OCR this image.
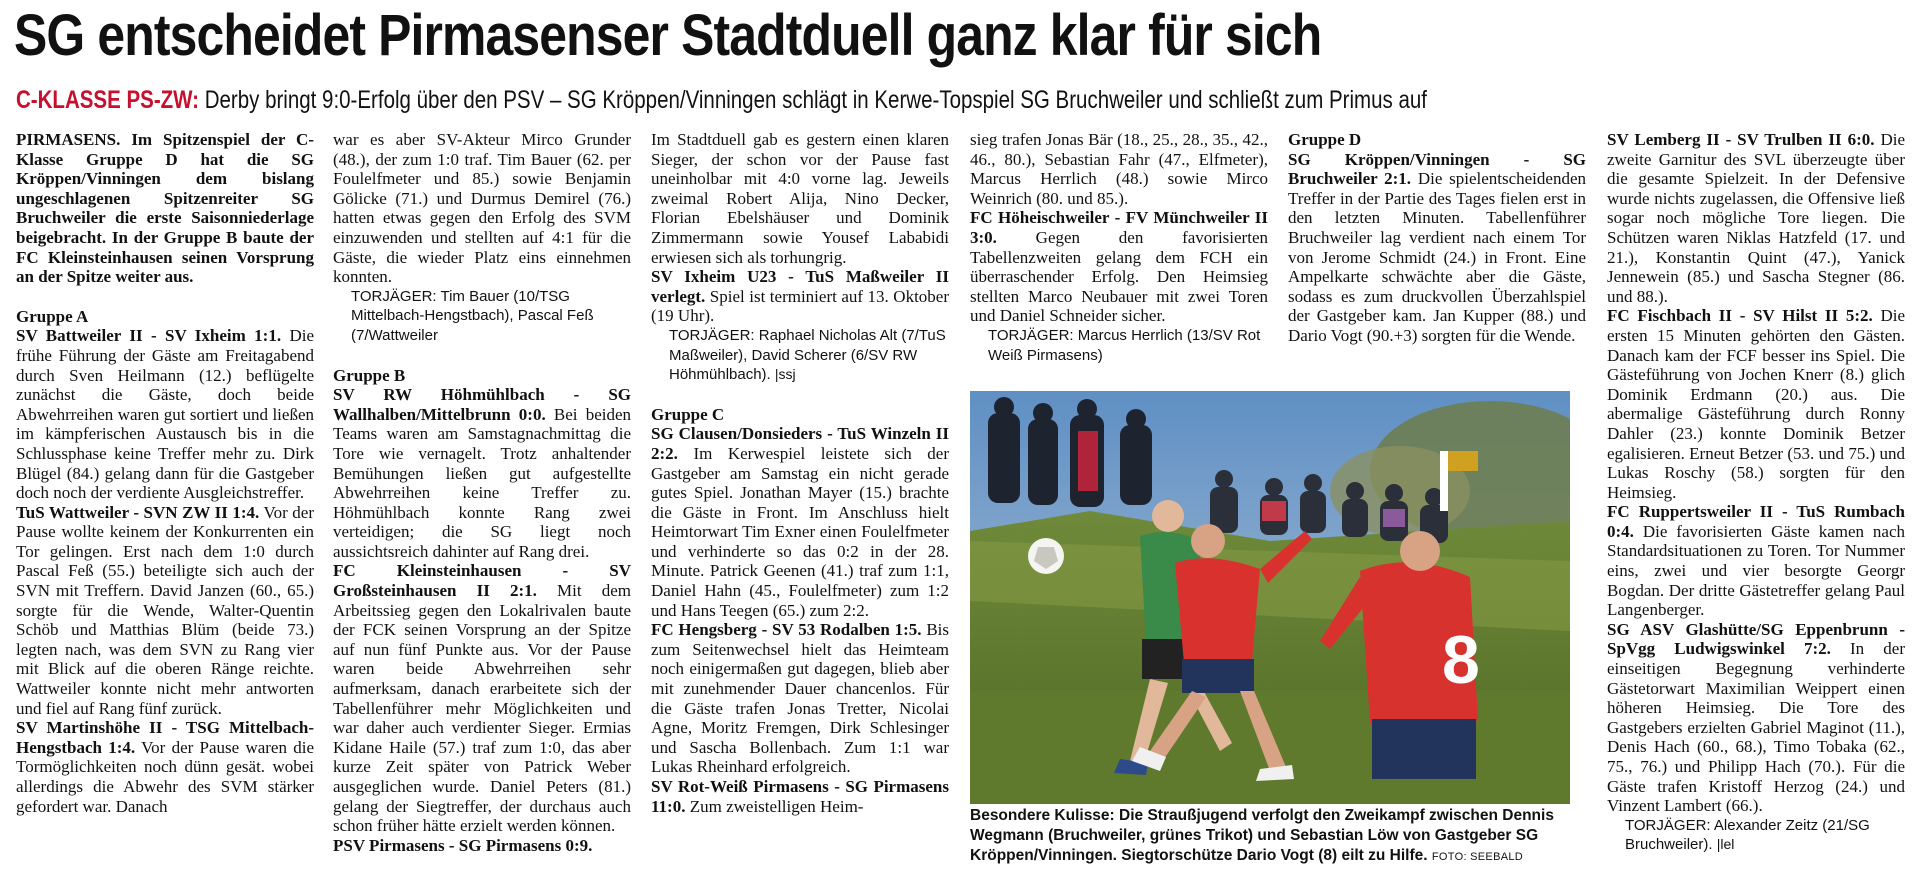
SG entscheidet Pirmasenser Stadtduell ganz klar für sich
C-KLASSE PS-ZW: Derby bringt 9:0-Erfolg über den PSV – SG Kröppen/Vinningen schlägt in Kerwe-Topspiel SG Bruchweiler und schließt zum Primus auf

PIRMASENS. Im Spitzenspiel der C-Klasse Gruppe D hat die SG Kröppen/Vinningen dem bislang ungeschlagenen Spitzenreiter SG Bruchweiler die erste Saisonniederlage beigebracht. In der Gruppe B baute der FC Kleinsteinhausen seinen Vorsprung an der Spitze weiter aus.

Gruppe A

SV Battweiler II - SV Ixheim 1:1. Die frühe Führung der Gäste am Freitagabend durch Sven Heilmann (12.) beflügelte zunächst die Gäste, doch beide Abwehrreihen waren gut sortiert und ließen im kämpferischen Austausch bis in die Schlussphase keine Treffer mehr zu. Dirk Blügel (84.) gelang dann für die Gastgeber doch noch der verdiente Ausgleichstreffer.

TuS Wattweiler - SVN ZW II 1:4. Vor der Pause wollte keinem der Konkurrenten ein Tor gelingen. Erst nach dem 1:0 durch Pascal Feß (55.) beteiligte sich auch der SVN mit Treffern. David Janzen (60., 65.) sorgte für die Wende, Walter-Quentin Schöb und Matthias Blüm (beide 73.) legten nach, was dem SVN zu Rang vier mit Blick auf die oberen Ränge reichte. Wattweiler konnte nicht mehr antworten und fiel auf Rang fünf zurück.

SV Martinshöhe II - TSG Mittelbach-Hengstbach 1:4. Vor der Pause waren die Tormöglichkeiten noch dünn gesät. wobei allerdings die Abwehr des SVM stärker gefordert war. Danach

war es aber SV-Akteur Mirco Grunder (48.), der zum 1:0 traf. Tim Bauer (62. per Foulelfmeter und 85.) sowie Benjamin Gölicke (71.) und Durmus Demirel (76.) hatten etwas gegen den Erfolg des SVM einzuwenden und stellten auf 4:1 für die Gäste, die wieder Platz eins einnehmen konnten.

TORJÄGER: Tim Bauer (10/TSG Mittelbach-Hengstbach), Pascal Feß (7/Wattweiler

Gruppe B

SV RW Höhmühlbach - SG Wallhalben/Mittelbrunn 0:0. Bei beiden Teams waren am Samstagnachmittag die Tore wie vernagelt. Trotz anhaltender Bemühungen ließen gut aufgestellte Abwehrreihen keine Treffer zu. Höhmühlbach konnte Rang zwei verteidigen; die SG liegt noch aussichtsreich dahinter auf Rang drei.

FC Kleinsteinhausen - SV Großsteinhausen II 2:1. Mit dem Arbeitssieg gegen den Lokalrivalen baute der FCK seinen Vorsprung an der Spitze auf nun fünf Punkte aus. Vor der Pause waren beide Abwehrreihen sehr aufmerksam, danach erarbeitete sich der Tabellenführer mehr Möglichkeiten und war daher auch verdienter Sieger. Ermias Kidane Haile (57.) traf zum 1:0, das aber kurze Zeit später von Patrick Weber ausgeglichen wurde. Daniel Peters (81.) gelang der Siegtreffer, der durchaus auch schon früher hätte erzielt werden können.

PSV Pirmasens - SG Pirmasens 0:9.

Im Stadtduell gab es gestern einen klaren Sieger, der schon vor der Pause fast uneinholbar mit 4:0 vorne lag. Jeweils zweimal Robert Alija, Nino Decker, Florian Ebelshäuser und Dominik Zimmermann sowie Yousef Lababidi erwiesen sich als torhungrig.

SV Ixheim U23 - TuS Maßweiler II verlegt. Spiel ist terminiert auf 13. Oktober (19 Uhr).

TORJÄGER: Raphael Nicholas Alt (7/TuS Maßweiler), David Scherer (6/SV RW Höhmühlbach). |ssj

Gruppe C

SG Clausen/Donsieders - TuS Winzeln II 2:2. Im Kerwespiel leistete sich der Gastgeber am Samstag ein nicht gerade gutes Spiel. Jonathan Mayer (15.) brachte die Gäste in Front. Im Anschluss hielt Heimtorwart Tim Exner einen Foulelfmeter und verhinderte so das 0:2 in der 28. Minute. Patrick Geenen (41.) traf zum 1:1, Daniel Hahn (45., Foulelfmeter) zum 1:2 und Hans Teegen (65.) zum 2:2.

FC Hengsberg - SV 53 Rodalben 1:5. Bis zum Seitenwechsel hielt das Heimteam noch einigermaßen gut dagegen, blieb aber mit zunehmender Dauer chancenlos. Für die Gäste trafen Jonas Tretter, Nicolai Agne, Moritz Fremgen, Dirk Schlesinger und Sascha Bollenbach. Zum 1:1 war Lukas Rheinhard erfolgreich.

SV Rot-Weiß Pirmasens - SG Pirmasens 11:0. Zum zweistelligen Heim-

sieg trafen Jonas Bär (18., 25., 28., 35., 42., 46., 80.), Sebastian Fahr (47., Elfmeter), Marcus Herrlich (48.) sowie Mirco Weinrich (80. und 85.).

FC Höheischweiler - FV Münchweiler II 3:0. Gegen den favorisierten Tabellenzweiten gelang dem FCH ein überraschender Erfolg. Den Heimsieg stellten Marco Neubauer mit zwei Toren und Daniel Schneider sicher.

TORJÄGER: Marcus Herrlich (13/SV Rot Weiß Pirmasens)

Gruppe D

SG Kröppen/Vinningen - SG Bruchweiler 2:1. Die spielentscheidenden Treffer in der Partie des Tages fielen erst in den letzten Minuten. Tabellenführer Bruchweiler lag verdient nach einem Tor von Jerome Schmidt (24.) in Front. Eine Ampelkarte schwächte aber die Gäste, sodass es zum druckvollen Überzahlspiel der Gastgeber kam. Jan Kupper (88.) und Dario Vogt (90.+3) sorgten für die Wende.

SV Lemberg II - SV Trulben II 6:0. Die zweite Garnitur des SVL überzeugte über die gesamte Spielzeit. In der Defensive wurde nichts zugelassen, die Offensive ließ sogar noch mögliche Tore liegen. Die Schützen waren Niklas Hatzfeld (17. und 21.), Konstantin Quint (47.), Yanick Jennewein (85.) und Sascha Stegner (86. und 88.).

FC Fischbach II - SV Hilst II 5:2. Die ersten 15 Minuten gehörten den Gästen. Danach kam der FCF besser ins Spiel. Die Gästeführung von Jochen Knerr (8.) glich Dominik Erdmann (20.) aus. Die abermalige Gästeführung durch Ronny Dahler (23.) konnte Dominik Betzer egalisieren. Erneut Betzer (53. und 75.) und Lukas Roschy (58.) sorgten für den Heimsieg.

FC Ruppertsweiler II - TuS Rumbach 0:4. Die favorisierten Gäste kamen nach Standardsituationen zu Toren. Tor Nummer eins, zwei und vier besorgte Georgr Bogdan. Der dritte Gästetreffer gelang Paul Langenberger.

SG ASV Glashütte/SG Eppenbrunn - SpVgg Ludwigswinkel 7:2. In der einseitigen Begegnung verhinderte Gästetorwart Maximilian Weippert einen höheren Heimsieg. Die Tore des Gastgebers erzielten Gabriel Maginot (11.), Denis Hach (60., 68.), Timo Tobaka (62., 75., 76.) und Philipp Hach (70.). Für die Gäste trafen Kristoff Herzog (24.) und Vinzent Lambert (66.).

TORJÄGER: Alexander Zeitz (21/SG Bruchweiler). |lel

8
Besondere Kulisse: Die Straußjugend verfolgt den Zweikampf zwischen Dennis Wegmann (Bruchweiler, grünes Trikot) und Sebastian Löw von Gastgeber SG Kröppen/Vinningen. Siegtorschütze Dario Vogt (8) eilt zu Hilfe. FOTO: SEEBALD
